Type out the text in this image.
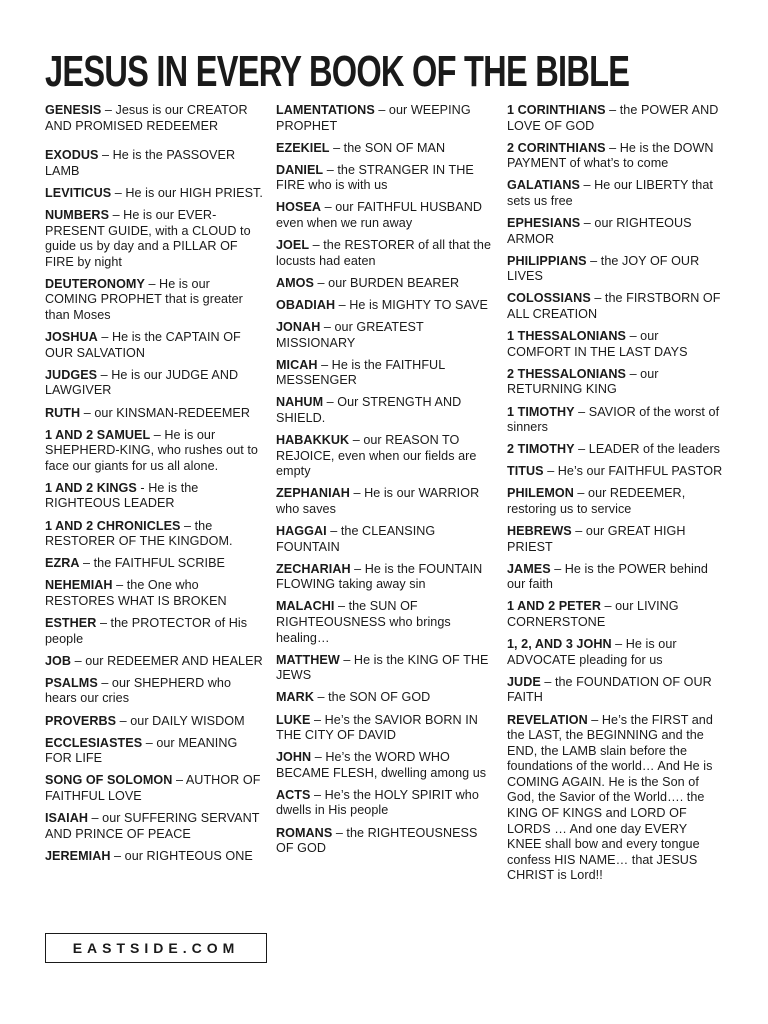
JESUS IN EVERY BOOK OF THE BIBLE

GENESIS – Jesus is our CREATOR AND PROMISED REDEEMER

EXODUS – He is the PASSOVER LAMB

LEVITICUS – He is our HIGH PRIEST.

NUMBERS – He is our EVER-PRESENT GUIDE, with a CLOUD to guide us by day and a PILLAR OF FIRE by night

DEUTERONOMY – He is our COMING PROPHET that is greater than Moses

JOSHUA – He is the CAPTAIN OF OUR SALVATION

JUDGES – He is our JUDGE AND LAWGIVER

RUTH – our KINSMAN-REDEEMER

1 AND 2 SAMUEL – He is our SHEPHERD-KING, who rushes out to face our giants for us all alone.

1 AND 2 KINGS - He is the RIGHTEOUS LEADER

1 AND 2 CHRONICLES – the RESTORER OF THE KINGDOM.

EZRA – the FAITHFUL SCRIBE

NEHEMIAH – the One who RESTORES WHAT IS BROKEN

ESTHER – the PROTECTOR of His people

JOB – our REDEEMER AND HEALER

PSALMS – our SHEPHERD who hears our cries

PROVERBS – our DAILY WISDOM

ECCLESIASTES – our MEANING FOR LIFE

SONG OF SOLOMON – AUTHOR OF FAITHFUL LOVE

ISAIAH – our SUFFERING SERVANT AND PRINCE OF PEACE

JEREMIAH – our RIGHTEOUS ONE

LAMENTATIONS – our WEEPING PROPHET

EZEKIEL – the SON OF MAN

DANIEL – the STRANGER IN THE FIRE who is with us

HOSEA – our FAITHFUL HUSBAND even when we run away

JOEL – the RESTORER of all that the locusts had eaten

AMOS – our BURDEN BEARER

OBADIAH – He is MIGHTY TO SAVE

JONAH – our GREATEST MISSIONARY

MICAH – He is the FAITHFUL MESSENGER

NAHUM – Our STRENGTH AND SHIELD.

HABAKKUK – our REASON TO REJOICE, even when our fields are empty

ZEPHANIAH – He is our WARRIOR who saves

HAGGAI – the CLEANSING FOUNTAIN

ZECHARIAH – He is the FOUNTAIN FLOWING taking away sin

MALACHI – the SUN OF RIGHTEOUSNESS who brings healing…

MATTHEW – He is the KING OF THE JEWS

MARK – the SON OF GOD

LUKE – He’s the SAVIOR BORN IN THE CITY OF DAVID

JOHN – He’s the WORD WHO BECAME FLESH, dwelling among us

ACTS – He’s the HOLY SPIRIT who dwells in His people

ROMANS – the RIGHTEOUSNESS OF GOD

1 CORINTHIANS – the POWER AND LOVE OF GOD

2 CORINTHIANS – He is the DOWN PAYMENT of what’s to come

GALATIANS – He our LIBERTY that sets us free

EPHESIANS – our RIGHTEOUS ARMOR

PHILIPPIANS – the JOY OF OUR LIVES

COLOSSIANS – the FIRSTBORN OF ALL CREATION

1 THESSALONIANS – our COMFORT IN THE LAST DAYS

2 THESSALONIANS – our RETURNING KING

1 TIMOTHY – SAVIOR of the worst of sinners

2 TIMOTHY – LEADER of the leaders

TITUS – He’s our FAITHFUL PASTOR

PHILEMON – our REDEEMER, restoring us to service

HEBREWS – our GREAT HIGH PRIEST

JAMES – He is the POWER behind our faith

1 AND 2 PETER – our LIVING CORNERSTONE

1, 2, AND 3 JOHN – He is our ADVOCATE pleading for us

JUDE – the FOUNDATION OF OUR FAITH

REVELATION – He’s the FIRST and the LAST, the BEGINNING and the END, the LAMB slain before the foundations of the world… And He is COMING AGAIN. He is the Son of God, the Savior of the World…. the KING OF KINGS and LORD OF LORDS … And one day EVERY KNEE shall bow and every tongue confess HIS NAME… that JESUS CHRIST is Lord!!

EASTSIDE.COM
